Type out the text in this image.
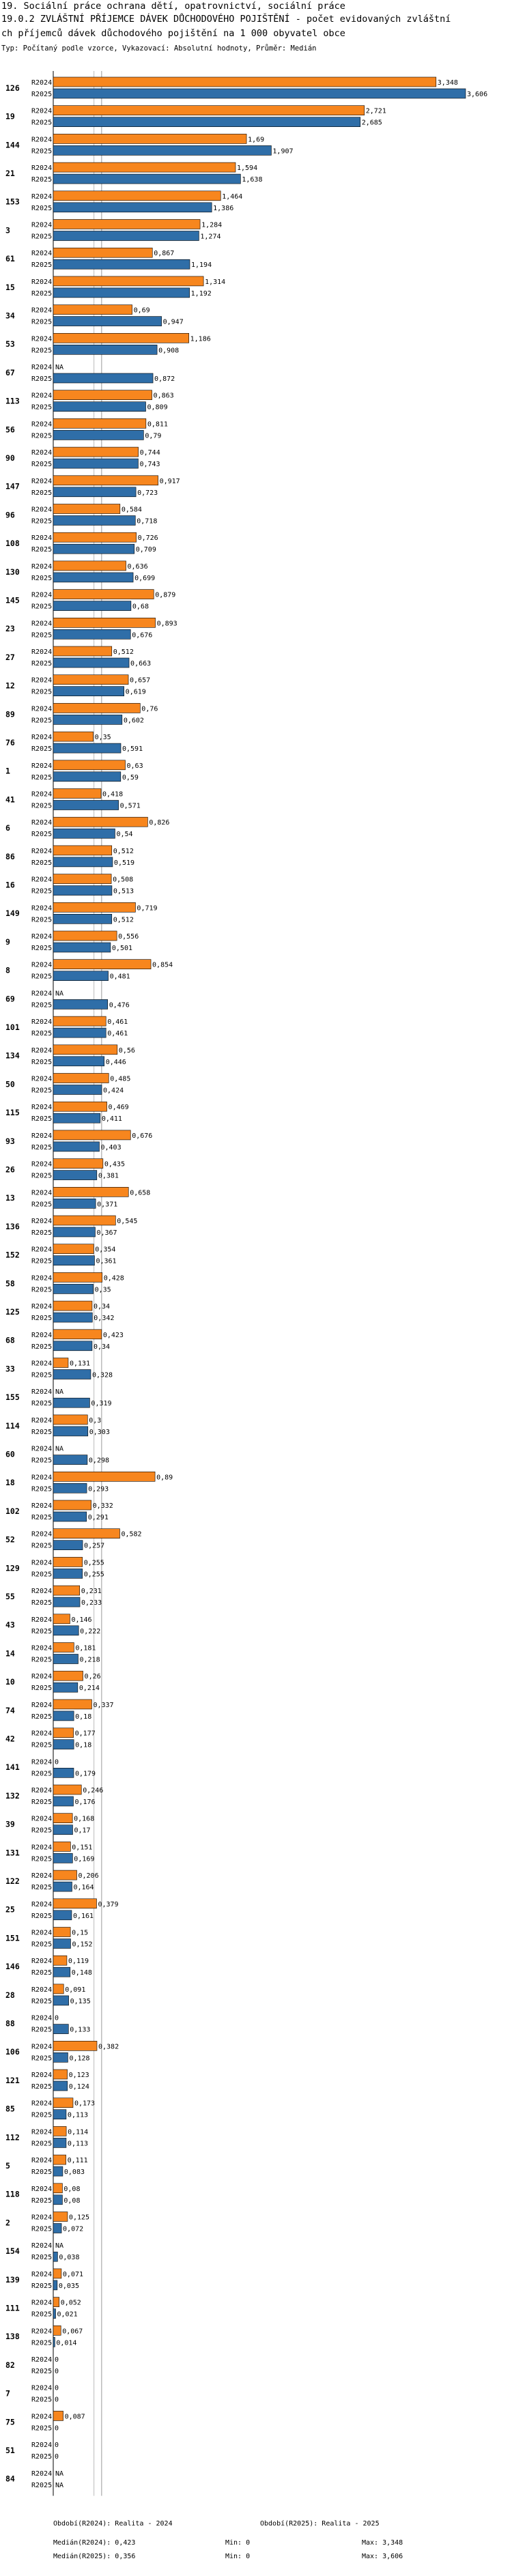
19. Sociální práce ochrana dětí, opatrovnictví, sociální práce
19.0.2 ZVLÁŠTNÍ PŘÍJEMCE DÁVEK DŮCHODOVÉHO POJIŠTĚNÍ - počet evidovaných zvláštní
ch příjemců dávek důchodového pojištění na 1 000 obyvatel obce
Typ: Počítaný podle vzorce, Vykazovací: Absolutní hodnoty, Průměr: Medián
126
R2024	3,348
R2025	3,606
19
R2024	2,721
R2025	2,685
144
R2024	1,69
R2025	1,907
21
R2024	1,594
R2025	1,638
153
R2024	1,464
R2025	1,386
3
R2024	1,284
R2025	1,274
61
R2024	0,867
R2025	1,194
15
R2024	1,314
R2025	1,192
34
R2024	0,69
R2025	0,947
53
R2024	1,186
R2025	0,908
67
R2024 NA
R2025	0,872
113
R2024	0,863
R2025	0,809
56
R2024	0,811
R2025	0,79
90
R2024	0,744
R2025	0,743
147
R2024	0,917
R2025	0,723
96
R2024	0,584
R2025	0,718
108
R2024	0,726
R2025	0,709
130
R2024	0,636
R2025	0,699
145
R2024	0,879
R2025	0,68
23
R2024	0,893
R2025	0,676
27
R2024	0,512
R2025	0,663
12
R2024	0,657
R2025	0,619
89
R2024	0,76
R2025	0,602
76
R2024	0,35
R2025	0,591
1
R2024	0,63
R2025	0,59
41
R2024	0,418
R2025	0,571
6
R2024	0,826
R2025	0,54
86
R2024	0,512
R2025	0,519
16
R2024	0,508
R2025	0,513
149
R2024	0,719
R2025	0,512
9
R2024	0,556
R2025	0,501
8
R2024	0,854
R2025	0,481
69
R2024 NA
R2025	0,476
101
R2024	0,461
R2025	0,461
134
R2024	0,56
R2025	0,446
50
R2024	0,485
R2025	0,424
115
R2024	0,469
R2025	0,411
93
R2024	0,676
R2025	0,403
26
R2024	0,435
R2025	0,381
13
R2024	0,658
R2025	0,371
136
R2024	0,545
R2025	0,367
152
R2024	0,354
R2025	0,361
58
R2024	0,428
R2025	0,35
125
R2024	0,34
R2025	0,342
68
R2024	0,423
R2025	0,34
33
R2024	0,131
R2025	0,328
155
R2024 NA
R2025	0,319
114
R2024	0,3
R2025	0,303
60
R2024 NA
R2025	0,298
18
R2024	0,89
R2025	0,293
102
R2024	0,332
R2025	0,291
52
R2024	0,582
R2025	0,257
129
R2024	0,255
R2025	0,255
55
R2024	0,231
R2025	0,233
43
R2024	0,146
R2025	0,222
14
R2024	0,181
R2025	0,218
10
R2024	0,26
R2025	0,214
74
R2024	0,337
R2025	0,18
42
R2024	0,177
R2025	0,18
141
R2024 0
R2025	0,179
132
R2024	0,246
R2025	0,176
39
R2024	0,168
R2025	0,17
131
R2024	0,151
R2025	0,169
122
R2024	0,206
R2025	0,164
25
R2024	0,379
R2025	0,161
151
R2024	0,15
R2025	0,152
146
R2024 0,119
R2025	0,148
28
R2024 0,091
R2025	0,135
88
R2024 0
R2025	0,133
106
R2024	0,382
R2025	0,128
121
R2024 0,123
R2025 0,124
85
R2024	0,173
R2025 0,113
112
R2024 0,114
R2025 0,113
5
R2024 0,111
R2025 0,083
118
R2024 0,08
R2025 0,08
2
R2024 0,125
R2025 0,072
154
R2024 NA
R2025 0,038
139
R2024 0,071
R2025 0,035
111
R2024 0,052
R2025 0,021
138
R2024 0,067
R2025 0,014
82
R2024 0
R2025 0
7
R2024 0
R2025 0
75
R2024 0,087
R2025 0
51
R2024 0
R2025 0
84
R2024 NA
R2025 NA
Období(R2024): Realita - 2024
Medián(R2024): 0,423
Medián(R2025): 0,356
Období(R2025): Realita - 2025
Min: 0
Min: 0
Max: 3,348
Max: 3,606
